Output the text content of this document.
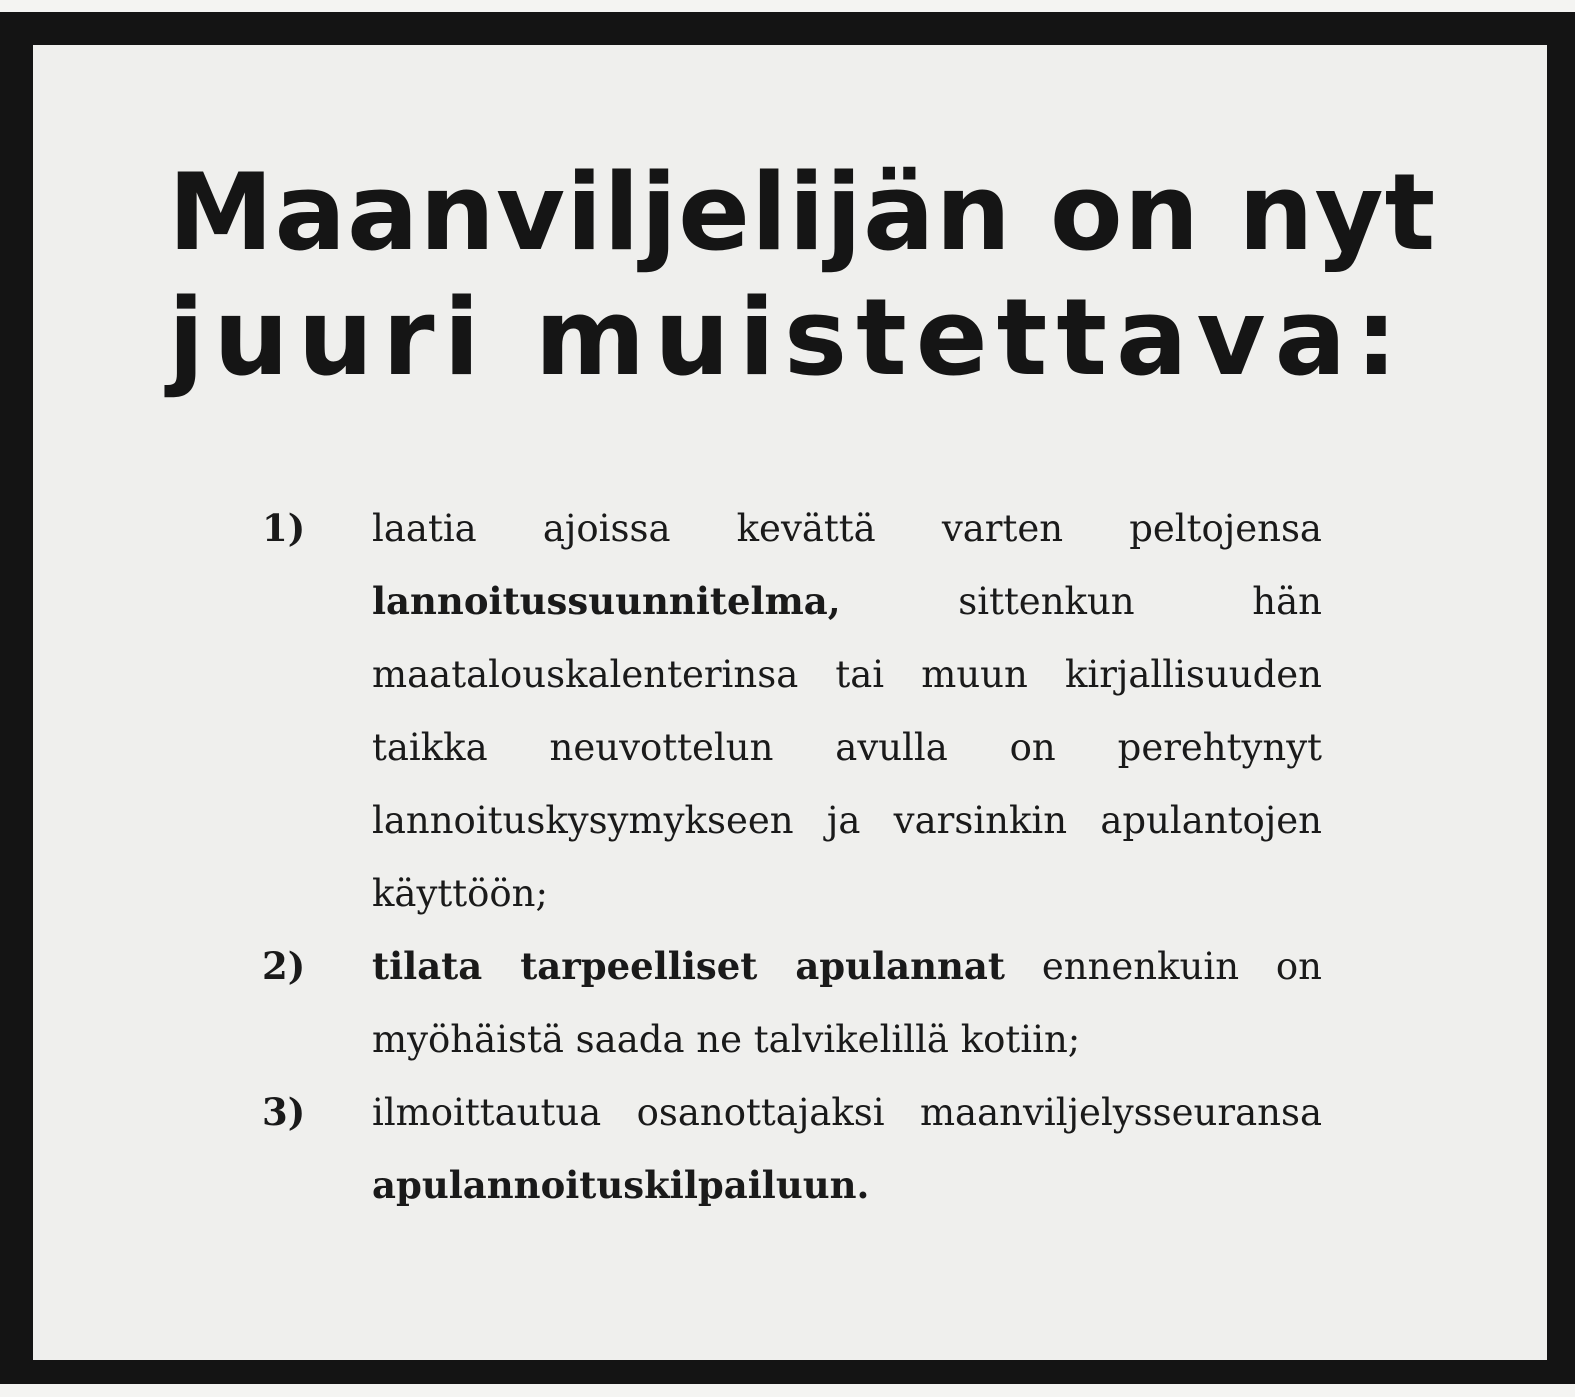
Maanviljelijän on nyt
juuri muistettava:
1) laatia ajoissa kevättä varten peltojensa lannoitussuunnitelma,	sittenkun hän maatalouskalenterinsa tai muun kirjallisuuden taikka neuvottelun avulla on perehtynyt lannoituskysymykseen ja varsinkin apulantojen käyttöön;
2) tilata tarpeelliset apulannat ennenkuin on myöhäistä saada ne talvikelillä kotiin;
3) ilmoittautua osanottajaksi maanviljelysseuransa apulannoituskilpailuun.
